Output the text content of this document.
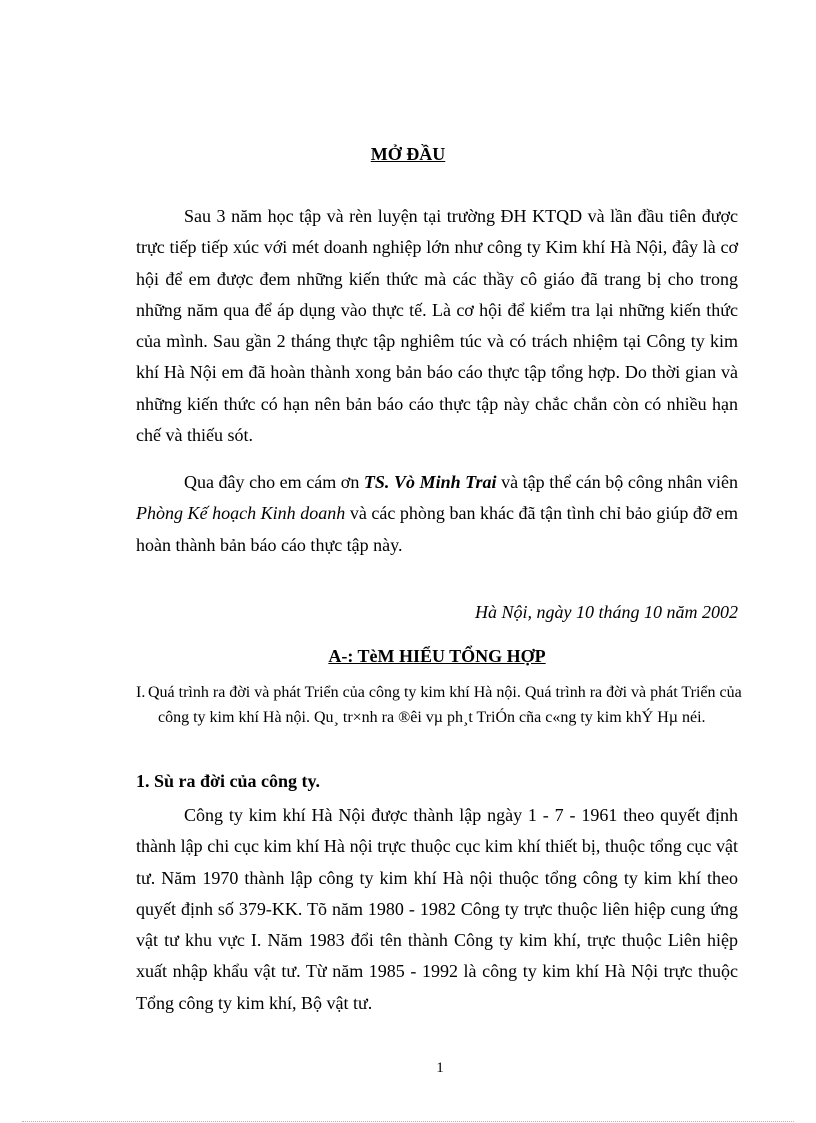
MỞ ĐẦU

Sau 3 năm học tập và rèn luyện tại trường ĐH KTQD và lần đầu tiên được trực tiếp tiếp xúc với mét doanh nghiệp lớn như công ty Kim khí Hà Nội, đây là cơ hội để em được đem những kiến thức mà các thầy cô giáo đã trang bị cho trong những năm qua để áp dụng vào thực tế. Là cơ hội để kiểm tra lại những kiến thức của mình. Sau gần 2 tháng thực tập nghiêm túc và có trách nhiệm tại Công ty kim khí Hà Nội em đã hoàn thành xong bản báo cáo thực tập tổng hợp. Do thời gian và những kiến thức có hạn nên bản báo cáo thực tập này chắc chắn còn có nhiều hạn chế và thiếu sót.

Qua đây cho em cám ơn TS. Vò Minh Trai và tập thể cán bộ công nhân viên Phòng Kế hoạch Kinh doanh và các phòng ban khác đã tận tình chỉ bảo giúp đỡ em hoàn thành bản báo cáo thực tập này.

Hà Nội, ngày 10 tháng 10 năm 2002
A-: TèM HIỂU TỔNG HỢP
I. Quá trình ra đời và phát Triển của công ty kim khí Hà nội. Quá trình ra đời và phát Triển của công ty kim khí Hà nội. Qu¸ tr×nh ra ®êi vµ ph¸t TriÓn cña c«ng ty kim khÝ Hµ néi.
1. Sù ra đời của công ty.

Công ty kim khí Hà Nội được thành lập ngày 1 - 7 - 1961 theo quyết định thành lập chi cục kim khí Hà nội trực thuộc cục kim khí thiết bị, thuộc tổng cục vật tư. Năm 1970 thành lập công ty kim khí Hà nội thuộc tổng công ty kim khí theo quyết định số 379-KK. Tõ năm 1980 - 1982 Công ty trực thuộc liên hiệp cung ứng vật tư khu vực I. Năm 1983 đổi tên thành Công ty kim khí, trực thuộc Liên hiệp xuất nhập khẩu vật tư. Từ năm 1985 - 1992 là công ty kim khí Hà Nội trực thuộc Tổng công ty kim khí, Bộ vật tư.

1
